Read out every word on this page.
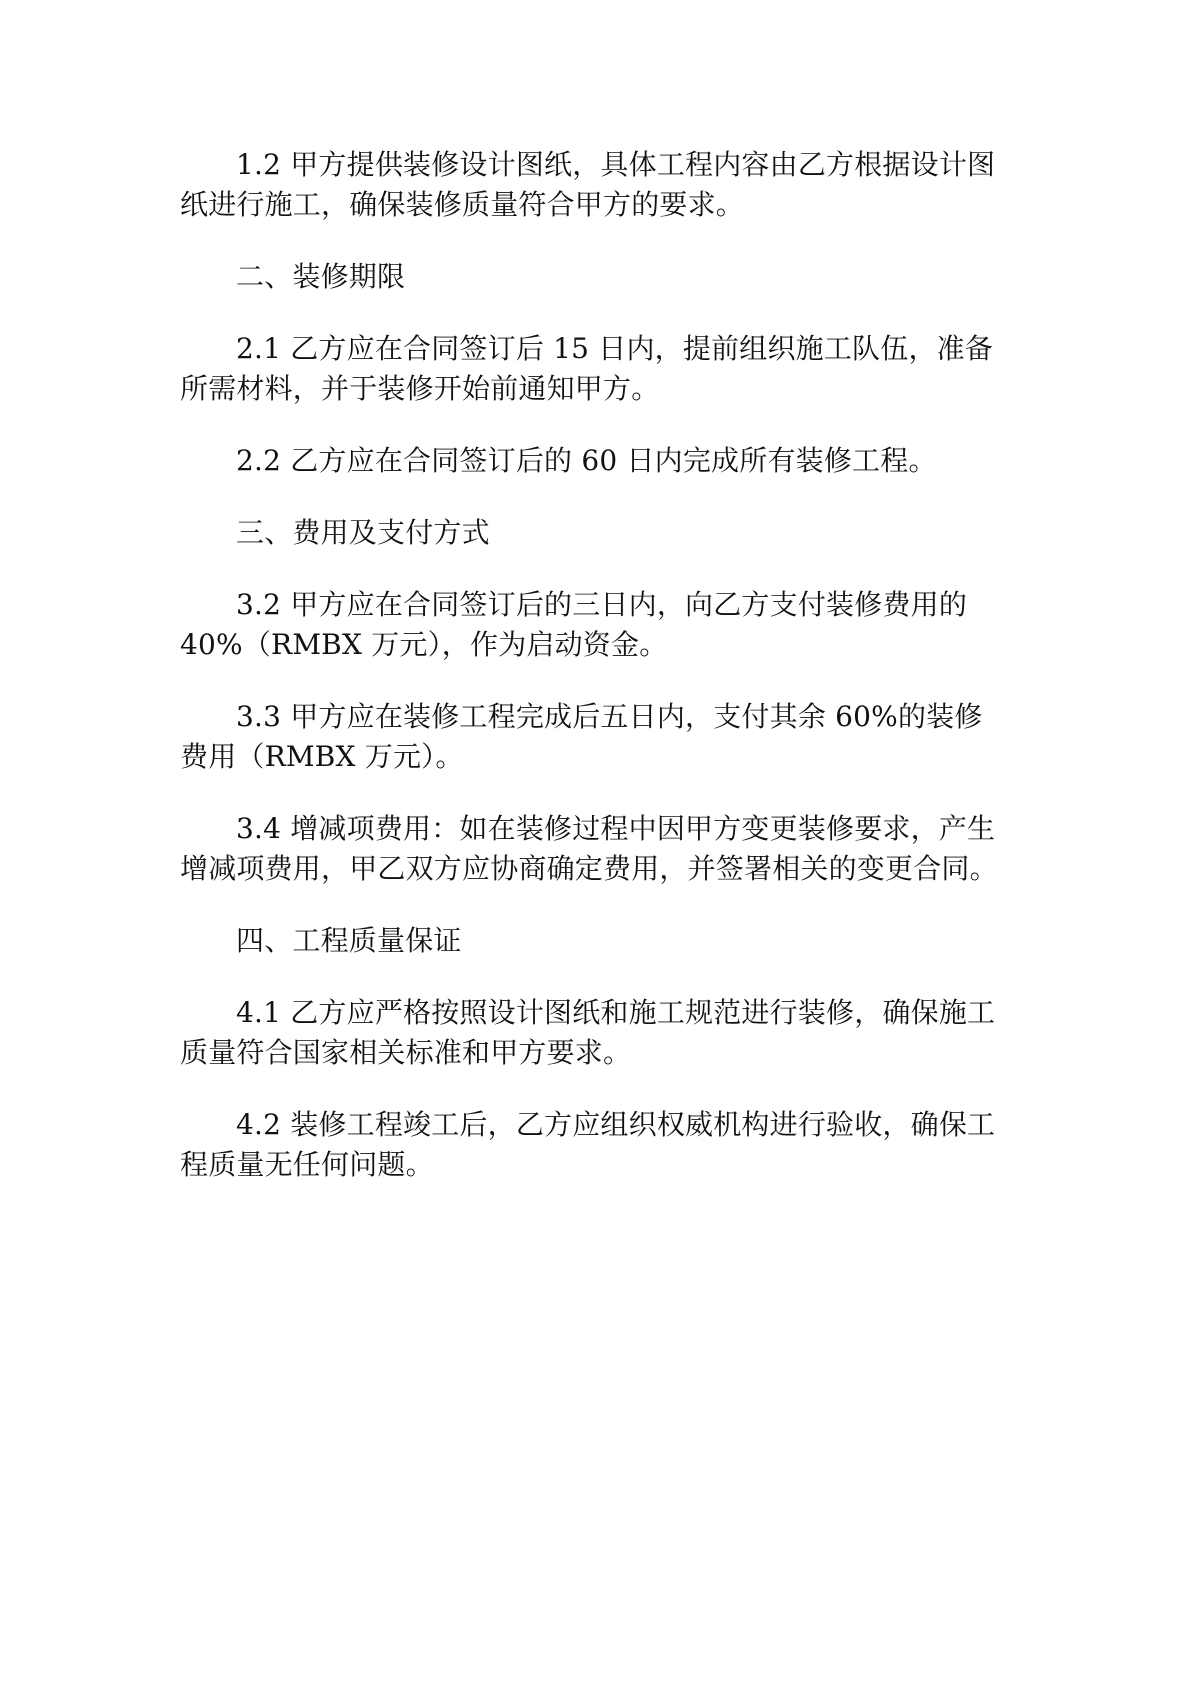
1.2 甲方提供装修设计图纸，具体工程内容由乙方根据设计图纸进行施工，确保装修质量符合甲方的要求。

二、装修期限

2.1 乙方应在合同签订后 15 日内，提前组织施工队伍，准备所需材料，并于装修开始前通知甲方。

2.2 乙方应在合同签订后的 60 日内完成所有装修工程。

三、费用及支付方式

3.2 甲方应在合同签订后的三日内，向乙方支付装修费用的 40%（RMBX 万元），作为启动资金。

3.3 甲方应在装修工程完成后五日内，支付其余 60%的装修费用（RMBX 万元）。

3.4 增减项费用：如在装修过程中因甲方变更装修要求，产生增减项费用，甲乙双方应协商确定费用，并签署相关的变更合同。

四、工程质量保证

4.1 乙方应严格按照设计图纸和施工规范进行装修，确保施工质量符合国家相关标准和甲方要求。

4.2 装修工程竣工后，乙方应组织权威机构进行验收，确保工程质量无任何问题。
